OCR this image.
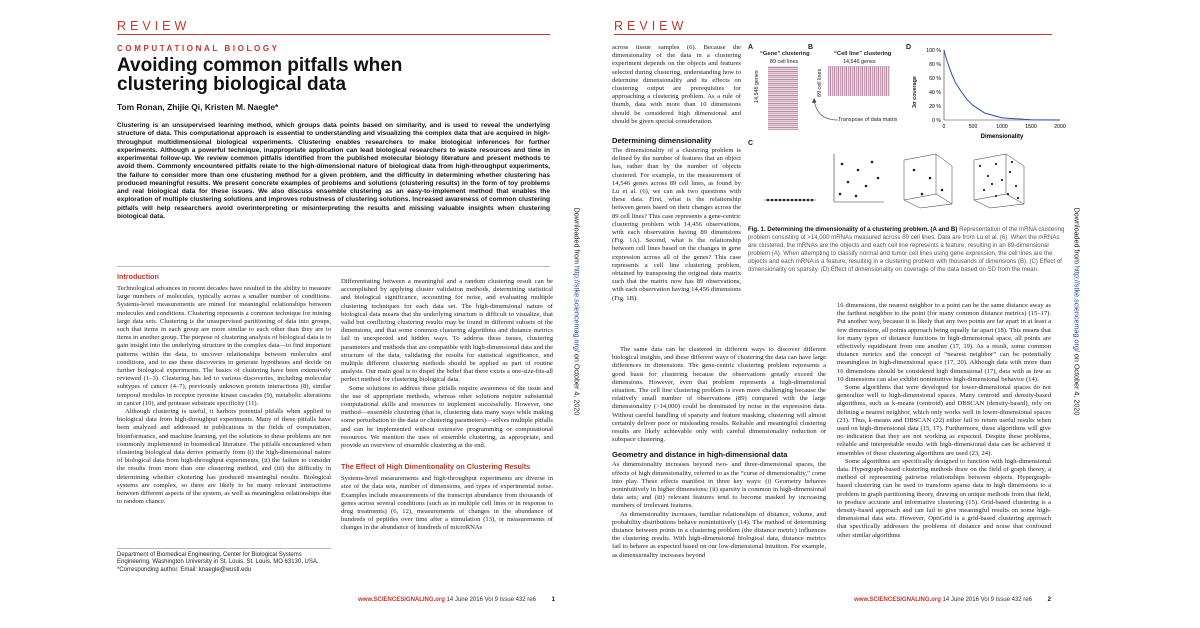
REVIEW
COMPUTATIONAL BIOLOGY
Avoiding common pitfalls when clustering biological data
Tom Ronan, Zhijie Qi, Kristen M. Naegle*

Clustering is an unsupervised learning method, which groups data points based on similarity, and is used to reveal the underlying structure of data. This computational approach is essential to understanding and visualizing the complex data that are acquired in high-throughput multidimensional biological experiments. Clustering enables researchers to make biological inferences for further experiments. Although a powerful technique, inappropriate application can lead biological researchers to waste resources and time in experimental follow-up. We review common pitfalls identified from the published molecular biology literature and present methods to avoid them. Commonly encountered pitfalls relate to the high-dimensional nature of biological data from high-throughput experiments, the failure to consider more than one clustering method for a given problem, and the difficulty in determining whether clustering has produced meaningful results. We present concrete examples of problems and solutions (clustering results) in the form of toy problems and real biological data for these issues. We also discuss ensemble clustering as an easy-to-implement method that enables the exploration of multiple clustering solutions and improves robustness of clustering solutions. Increased awareness of common clustering pitfalls will help researchers avoid overinterpreting or misinterpreting the results and missing valuable insights when clustering biological data.

Introduction

Technological advances in recent decades have resulted in the ability to measure large numbers of molecules, typically across a smaller number of conditions. Systems-level measurements are mined for meaningful relationships between molecules and conditions. Clustering represents a common technique for mining large data sets. Clustering is the unsupervised partitioning of data into groups, such that items in each group are more similar to each other than they are to items in another group. The purpose of clustering analysis of biological data is to gain insight into the underlying structure in the complex data—to find important patterns within the data, to uncover relationships between molecules and conditions, and to use these discoveries to generate hypotheses and decide on further biological experiments. The basics of clustering have been extensively reviewed (1–3). Clustering has led to various discoveries, including molecular subtypes of cancer (4–7), previously unknown protein interactions (8), similar temporal modules in receptor tyrosine kinase cascades (9), metabolic alterations in cancer (10), and protease substrate specificity (11).

Although clustering is useful, it harbors potential pitfalls when applied to biological data from high-throughput experiments. Many of these pitfalls have been analyzed and addressed in publications in the fields of computation, bioinformatics, and machine learning, yet the solutions to these problems are not commonly implemented in biomedical literature. The pitfalls encountered when clustering biological data derive primarily from (i) the high-dimensional nature of biological data from high-throughput experiments, (ii) the failure to consider the results from more than one clustering method, and (iii) the difficulty in determining whether clustering has produced meaningful results. Biological systems are complex, so there are likely to be many relevant interactions between different aspects of the system, as well as meaningless relationships due to random chance.

Department of Biomedical Engineering, Center for Biological Systems Engineering, Washington University in St. Louis, St. Louis, MO 63130, USA.
*Corresponding author. Email: knaegle@wustl.edu

Differentiating between a meaningful and a random clustering result can be accomplished by applying cluster validation methods, determining statistical and biological significance, accounting for noise, and evaluating multiple clustering techniques for each data set. The high-dimensional nature of biological data means that the underlying structure is difficult to visualize, that valid but conflicting clustering results may be found in different subsets of the dimensions, and that some common clustering algorithms and distance metrics fail in unexpected and hidden ways. To address these issues, clustering parameters and methods that are compatible with high-dimensional data and the structure of the data, validating the results for statistical significance, and multiple different clustering methods should be applied as part of routine analysis. Our main goal is to dispel the belief that there exists a one-size-fits-all perfect method for clustering biological data.

Some solutions to address these pitfalls require awareness of the issue and the use of appropriate methods, whereas other solutions require substantial computational skills and resources to implement successfully. However, one method—ensemble clustering (that is, clustering data many ways while making some perturbation to the data or clustering parameters)—solves multiple pitfalls and can be implemented without extensive programming or computational resources. We mention the uses of ensemble clustering, as appropriate, and provide an overview of ensemble clustering at the end.

The Effect of High Dimentionality on Clustering Results

Systems-level measurements and high-throughput experiments are diverse in size of the data sets, number of dimensions, and types of experimental noise. Examples include measurements of the transcript abundance from thousands of genes across several conditions (such as in multiple cell lines or in response to drug treatments) (6, 12), measurements of changes in the abundance of hundreds of peptides over time after a stimulation (13), or measurements of changes in the abundance of hundreds of microRNAs

www.SCIENCESIGNALING.org 14 June 2016 Vol 9 Issue 432 re6	1
Downloaded from http://stke.sciencemag.org/ on October 4, 2020
REVIEW

across tissue samples (6). Because the dimensionality of the data in a clustering experiment depends on the objects and features selected during clustering, understanding how to determine dimensionality and its effects on clustering output are prerequisites for approaching a clustering problem. As a rule of thumb, data with more than 10 dimensions should be considered high dimensional and should be given special consideration.

Determining dimensionality

The dimensionality of a clustering problem is defined by the number of features that an object has, rather than by the number of objects clustered. For example, in the measurement of 14,546 genes across 89 cell lines, as found by Lu et al. (6), we can ask two questions with these data. First, what is the relationship between genes based on their changes across the 89 cell lines? This case represents a gene-centric clustering problem with 14,456 observations, with each observation having 89 dimensions (Fig. 1A). Second, what is the relationship between cell lines based on the changes in gene expression across all of the genes? This case represents a cell line clustering problem, obtained by transposing the original data matrix such that the matrix now has 89 observations, with each observation having 14,456 dimensions (Fig. 1B).

The same data can be clustered in different ways to discover different biological insights, and these different ways of clustering the data can have large differences in dimensions. The gene-centric clustering problem represents a good basis for clustering because the observations greatly exceed the dimensions. However, even that problem represents a high-dimensional situation. The cell line clustering problem is even more challenging because the relatively small number of observations (89) compared with the large dimensionality (>14,000) could be dominated by noise in the expression data. Without careful handling of sparsity and feature masking, clustering will almost certainly deliver poor or misleading results. Reliable and meaningful clustering results are likely achievable only with careful dimensionality reduction or subspace clustering.

Geometry and distance in high-dimensional data

As dimensionality increases beyond two- and three-dimensional spaces, the effects of high dimensionality, referred to as the “curse of dimensionality,” come into play. These effects manifest in three key ways: (i) Geometry behaves nonintuitively in higher dimensions; (ii) sparsity is common in high-dimensional data sets; and (iii) relevant features tend to become masked by increasing numbers of irrelevant features.

As dimensionality increases, familiar relationships of distance, volume, and probability distributions behave nonintuitively (14). The method of determining distance between points in a clustering problem (the distance metric) influences the clustering results. With high-dimensional biological data, distance metrics fail to behave as expected based on our low-dimensional intuition. For example, as dimensionality increases beyond

16 dimensions, the nearest neighbor to a point can be the same distance away as the farthest neighbor to the point (for many common distance metrics) (15–17). Put another way, because it is likely that any two points are far apart in at least a few dimensions, all points approach being equally far apart (18). This means that for many types of distance functions in high-dimensional space, all points are effectively equidistant from one another (17, 19). As a result, some common distance metrics and the concept of “nearest neighbor” can be potentially meaningless in high-dimensional space (17, 20). Although data with more than 16 dimensions should be considered high dimensional (17), data with as few as 10 dimensions can also exhibit nonintuitive high-dimensional behavior (14).

Some algorithms that were developed for lower-dimensional spaces do not generalize well to high-dimensional spaces. Many centroid and density-based algorithms, such as k-means (centroid) and DBSCAN (density-based), rely on defining a nearest neighbor, which only works well in lower-dimensional spaces (21). Thus, k-means and DBSCAN (22) either fail to return useful results when used on high-dimensional data (15, 17). Furthermore, these algorithms will give no indication that they are not working as expected. Despite these problems, reliable and interpretable results with high-dimensional data can be achieved if ensembles of these clustering algorithms are used (23, 24).

Some algorithms are specifically designed to function with high-dimensional data. Hypergraph-based clustering methods draw on the field of graph theory, a method of representing pairwise relationships between objects. Hypergraph-based clustering can be used to transform sparse data in high dimensions to a problem in graph partitioning theory, drawing on unique methods from that field, to produce accurate and informative clustering (15). Grid-based clustering is a density-based approach and can fail to give meaningful results on some high-dimensional data sets. However, OptiGrid is a grid-based clustering approach that specifically addresses the problems of distance and noise that confound other similar algorithms

www.SCIENCESIGNALING.org 14 June 2016 Vol 9 Issue 432 re6	2
Downloaded from http://stke.sciencemag.org/ on October 4, 2020
A	B	D
C
“Gene” clustering
89 cell lines
14,546 genes
“Cell line” clustering
14,546 genes
89 cell lines
Transpose of data matrix
3σ coverage
100 %
80 %
60 %
40 %
20 %
0 %
0	500	1000	1500	2000
Dimensionality

Fig. 1. Determining the dimensionality of a clustering problem. (A and B) Representation of the mRNA clustering problem consisting of >14,000 mRNAs measured across 89 cell lines. Data are from Lu et al. (6). When the mRNAs are clustered, the mRNAs are the objects and each cell line represents a feature, resulting in an 89-dimensional problem (A). When attempting to classify normal and tumor cell lines using gene expression, the cell lines are the objects and each mRNA is a feature, resulting in a clustering problem with thousands of dimensions (B). (C) Effect of dimensionality on sparsity. (D) Effect of dimensionality on coverage of the data based on SD from the mean.
